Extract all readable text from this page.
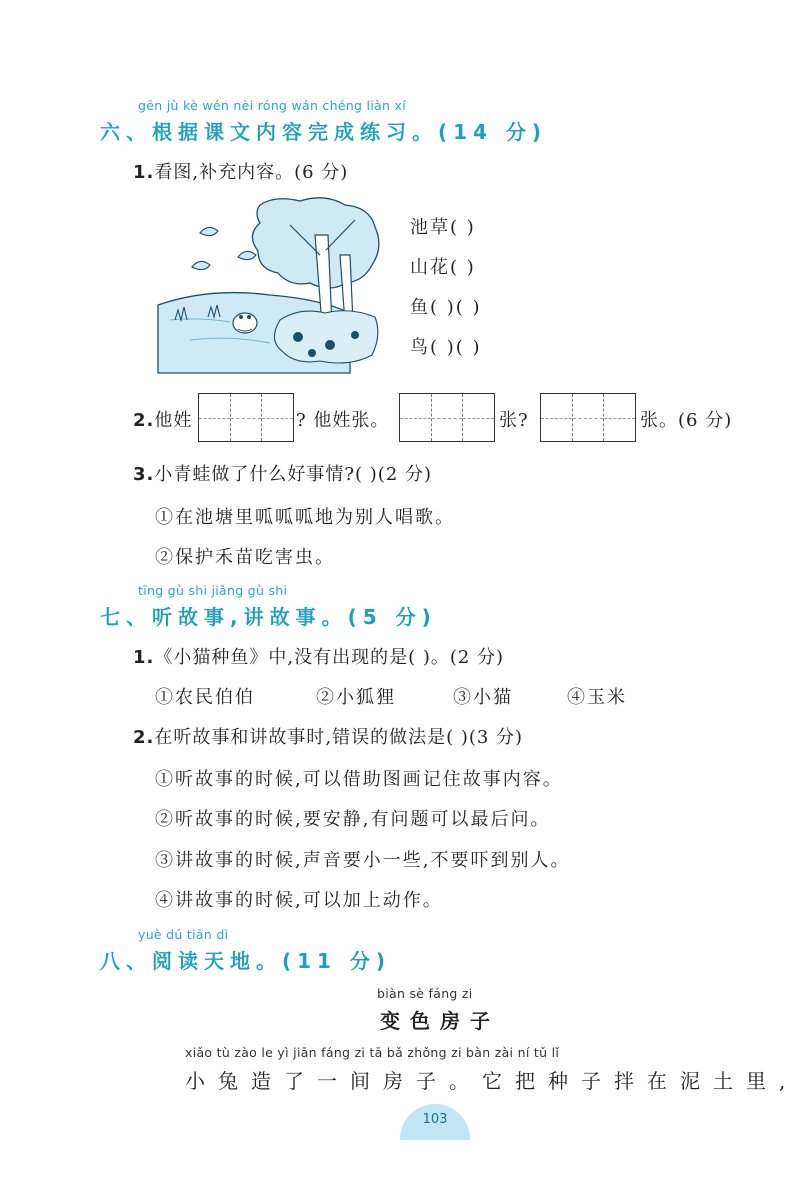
gēn jù kè wén nèi róng wán chéng liàn xí
六、根据课文内容完成练习。(14 分)
1.看图,补充内容。(6 分)
池草( )
山花( )
鱼( )( )
鸟( )( )
2.他姓	? 他姓张。	张?	张。(6 分)
3.小青蛙做了什么好事情?( )(2 分)
①在池塘里呱呱呱地为别人唱歌。
②保护禾苗吃害虫。
tīng gù shi jiǎng gù shi
七、听故事,讲故事。(5 分)
1.《小猫种鱼》中,没有出现的是( )。(2 分)
①农民伯伯	②小狐狸	③小猫	④玉米
2.在听故事和讲故事时,错误的做法是( )(3 分)
①听故事的时候,可以借助图画记住故事内容。
②听故事的时候,要安静,有问题可以最后问。
③讲故事的时候,声音要小一些,不要吓到别人。
④讲故事的时候,可以加上动作。
yuè dú tiān dì
八、阅读天地。(11 分)
biàn sè fáng zi
变色房子
xiǎo tù zào le yì jiān fáng zi tā bǎ zhǒng zi bàn zài ní tǔ lǐ
小兔造了一间房子。它把种子拌在泥土里,
103
